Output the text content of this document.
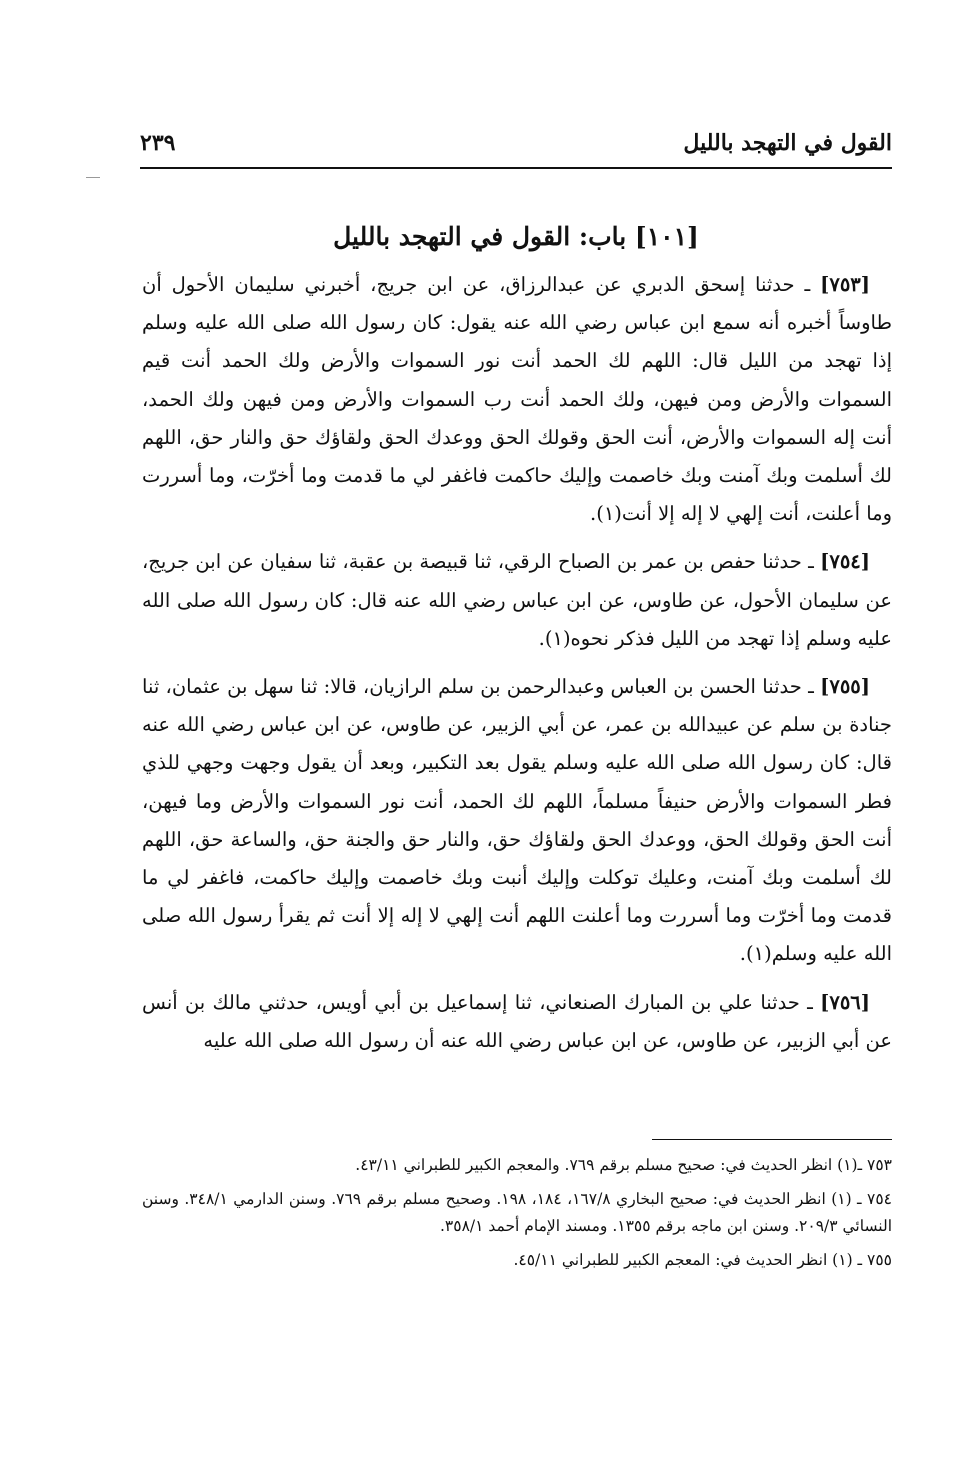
القول في التهجد بالليل
٢٣٩
[١٠١] باب: القول في التهجد بالليل

[٧٥٣] ـ حدثنا إسحق الدبري عن عبدالرزاق، عن ابن جريج، أخبرني سليمان الأحول أن طاوساً أخبره أنه سمع ابن عباس رضي الله عنه يقول: كان رسول الله صلى الله عليه وسلم إذا تهجد من الليل قال: اللهم لك الحمد أنت نور السموات والأرض ولك الحمد أنت قيم السموات والأرض ومن فيهن، ولك الحمد أنت رب السموات والأرض ومن فيهن ولك الحمد، أنت إله السموات والأرض، أنت الحق وقولك الحق ووعدك الحق ولقاؤك حق والنار حق، اللهم لك أسلمت وبك آمنت وبك خاصمت وإليك حاكمت فاغفر لي ما قدمت وما أخرّت، وما أسررت وما أعلنت، أنت إلهي لا إله إلا أنت(١).

[٧٥٤] ـ حدثنا حفص بن عمر بن الصباح الرقي، ثنا قبيصة بن عقبة، ثنا سفيان عن ابن جريج، عن سليمان الأحول، عن طاوس، عن ابن عباس رضي الله عنه قال: كان رسول الله صلى الله عليه وسلم إذا تهجد من الليل فذكر نحوه(١).

[٧٥٥] ـ حدثنا الحسن بن العباس وعبدالرحمن بن سلم الرازيان، قالا: ثنا سهل بن عثمان، ثنا جنادة بن سلم عن عبيدالله بن عمر، عن أبي الزبير، عن طاوس، عن ابن عباس رضي الله عنه قال: كان رسول الله صلى الله عليه وسلم يقول بعد التكبير، وبعد أن يقول وجهت وجهي للذي فطر السموات والأرض حنيفاً مسلماً، اللهم لك الحمد، أنت نور السموات والأرض وما فيهن، أنت الحق وقولك الحق، ووعدك الحق ولقاؤك حق، والنار حق والجنة حق، والساعة حق، اللهم لك أسلمت وبك آمنت، وعليك توكلت وإليك أنبت وبك خاصمت وإليك حاكمت، فاغفر لي ما قدمت وما أخرّت وما أسررت وما أعلنت اللهم أنت إلهي لا إله إلا أنت ثم يقرأ رسول الله صلى الله عليه وسلم(١).

[٧٥٦] ـ حدثنا علي بن المبارك الصنعاني، ثنا إسماعيل بن أبي أويس، حدثني مالك بن أنس عن أبي الزبير، عن طاوس، عن ابن عباس رضي الله عنه أن رسول الله صلى الله عليه

٧٥٣ ـ(١) انظر الحديث في: صحيح مسلم برقم ٧٦٩. والمعجم الكبير للطبراني ٤٣/١١.

٧٥٤ ـ (١) انظر الحديث في: صحيح البخاري ١٦٧/٨، ١٨٤، ١٩٨. وصحيح مسلم برقم ٧٦٩. وسنن الدارمي ٣٤٨/١. وسنن النسائي ٢٠٩/٣. وسنن ابن ماجه برقم ١٣٥٥. ومسند الإمام أحمد ٣٥٨/١.

٧٥٥ ـ (١) انظر الحديث في: المعجم الكبير للطبراني ٤٥/١١.
